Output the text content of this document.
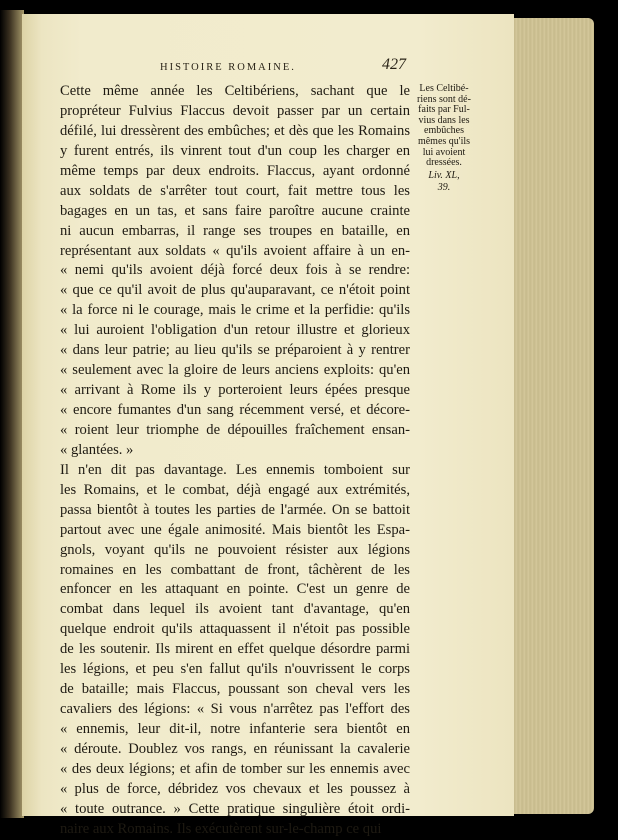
HISTOIRE ROMAINE.	427
Cette même année les Celtibériens, sachant que le
propréteur Fulvius Flaccus devoit passer par un certain
défilé, lui dressèrent des embûches; et dès que les Romains
y furent entrés, ils vinrent tout d'un coup les charger en
même temps par deux endroits. Flaccus, ayant ordonné
aux soldats de s'arrêter tout court, fait mettre tous les
bagages en un tas, et sans faire paroître aucune crainte
ni aucun embarras, il range ses troupes en bataille, en
représentant aux soldats « qu'ils avoient affaire à un en-
« nemi qu'ils avoient déjà forcé deux fois à se rendre:
« que ce qu'il avoit de plus qu'auparavant, ce n'étoit point
« la force ni le courage, mais le crime et la perfidie: qu'ils
« lui auroient l'obligation d'un retour illustre et glorieux
« dans leur patrie; au lieu qu'ils se préparoient à y rentrer
« seulement avec la gloire de leurs anciens exploits: qu'en
« arrivant à Rome ils y porteroient leurs épées presque
« encore fumantes d'un sang récemment versé, et décore-
« roient leur triomphe de dépouilles fraîchement ensan-
« glantées. »
Il n'en dit pas davantage. Les ennemis tomboient sur
les Romains, et le combat, déjà engagé aux extrémités,
passa bientôt à toutes les parties de l'armée. On se battoit
partout avec une égale animosité. Mais bientôt les Espa-
gnols, voyant qu'ils ne pouvoient résister aux légions
romaines en les combattant de front, tâchèrent de les
enfoncer en les attaquant en pointe. C'est un genre de
combat dans lequel ils avoient tant d'avantage, qu'en
quelque endroit qu'ils attaquassent il n'étoit pas possible
de les soutenir. Ils mirent en effet quelque désordre parmi
les légions, et peu s'en fallut qu'ils n'ouvrissent le corps
de bataille; mais Flaccus, poussant son cheval vers les
cavaliers des légions: « Si vous n'arrêtez pas l'effort des
« ennemis, leur dit-il, notre infanterie sera bientôt en
« déroute. Doublez vos rangs, en réunissant la cavalerie
« des deux légions; et afin de tomber sur les ennemis avec
« plus de force, débridez vos chevaux et les poussez à
« toute outrance. » Cette pratique singulière étoit ordi-
naire aux Romains. Ils exécutèrent sur-le-champ ce qui
Les Celtibé-
riens sont dé-
faits par Ful-
vius dans les
embûches
mêmes qu'ils
lui avoient
dressées.
Liv. XL,
39.
